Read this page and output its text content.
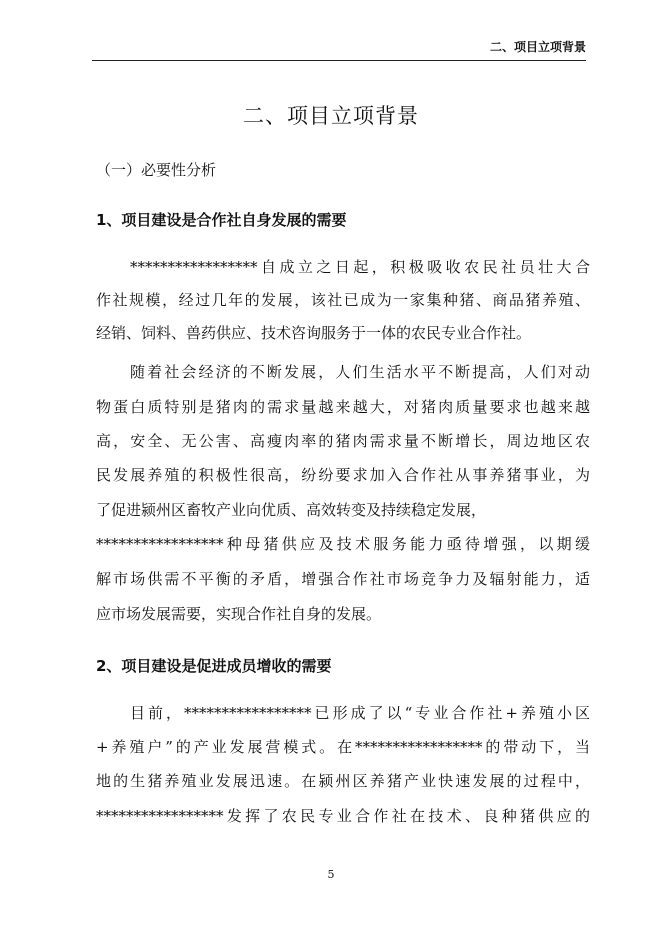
二、项目立项背景
二、项目立项背景
（一）必要性分析
1、项目建设是合作社自身发展的需要
*****************自成立之日起，积极吸收农民社员壮大合
作社规模，经过几年的发展，该社已成为一家集种猪、商品猪养殖、
经销、饲料、兽药供应、技术咨询服务于一体的农民专业合作社。
随着社会经济的不断发展，人们生活水平不断提高，人们对动
物蛋白质特别是猪肉的需求量越来越大，对猪肉质量要求也越来越
高，安全、无公害、高瘦肉率的猪肉需求量不断增长，周边地区农
民发展养殖的积极性很高，纷纷要求加入合作社从事养猪事业，为
了促进颍州区畜牧产业向优质、高效转变及持续稳定发展，
*****************种母猪供应及技术服务能力亟待增强，以期缓
解市场供需不平衡的矛盾，增强合作社市场竞争力及辐射能力，适
应市场发展需要，实现合作社自身的发展。
2、项目建设是促进成员增收的需要
目前，*****************已形成了以“专业合作社+养殖小区
+养殖户”的产业发展营模式。在*****************的带动下，当
地的生猪养殖业发展迅速。在颍州区养猪产业快速发展的过程中，
*****************发挥了农民专业合作社在技术、良种猪供应的
5
